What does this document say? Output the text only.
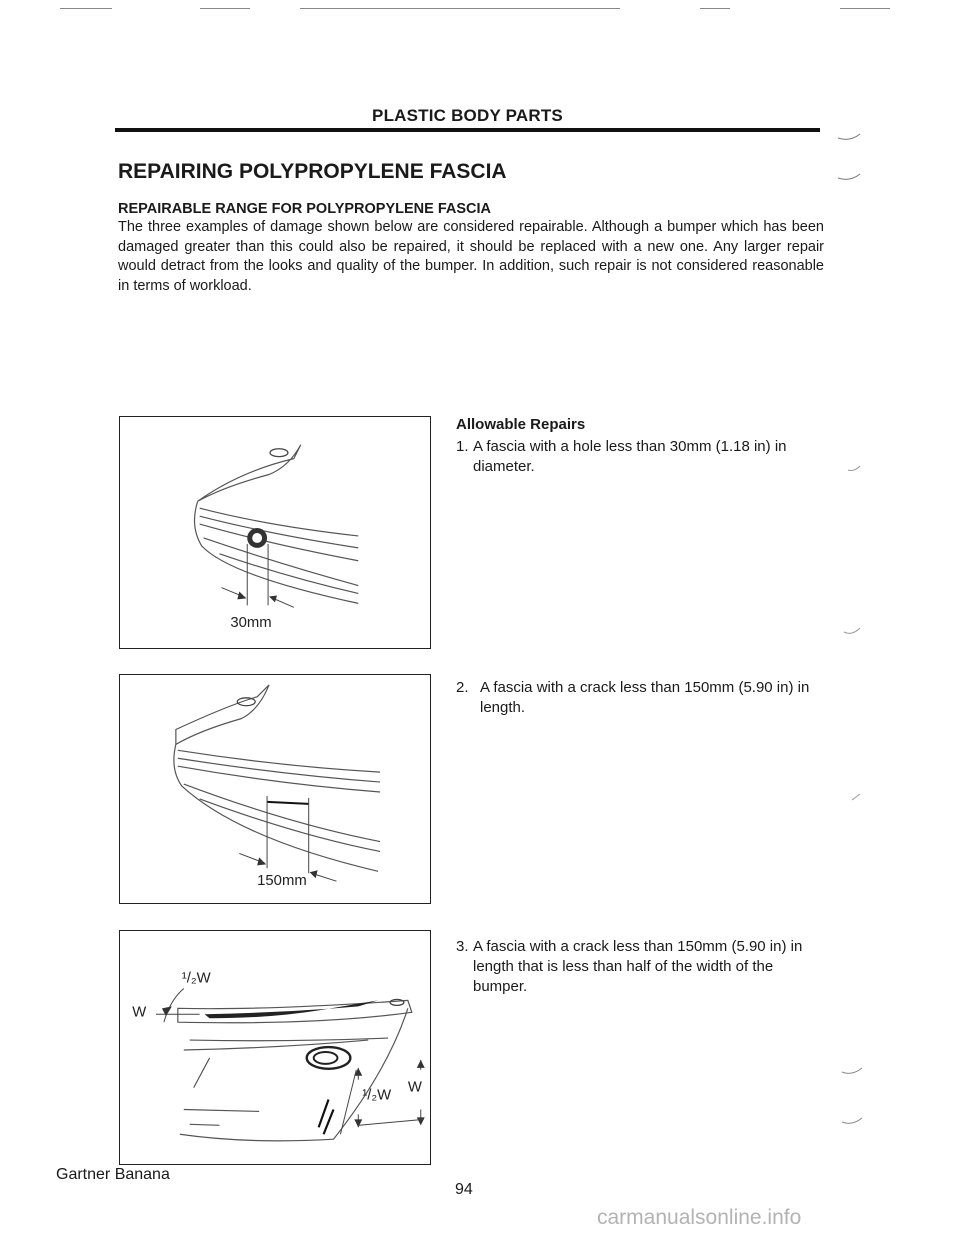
PLASTIC BODY PARTS
REPAIRING POLYPROPYLENE FASCIA
REPAIRABLE RANGE FOR POLYPROPYLENE FASCIA

The three examples of damage shown below are considered repairable. Although a bumper which has been damaged greater than this could also be repaired, it should be replaced with a new one. Any larger repair would detract from the looks and quality of the bumper. In addition, such repair is not considered reasonable in terms of workload.

30mm
150mm
¹/₂W
W
¹/₂W W
Allowable Repairs
1. A fascia with a hole less than 30mm (1.18 in) in diameter.
2. A fascia with a crack less than 150mm (5.90 in) in length.
3. A fascia with a crack less than 150mm (5.90 in) in length that is less than half of the width of the bumper.
Gartner Banana
94
carmanualsonline.info
